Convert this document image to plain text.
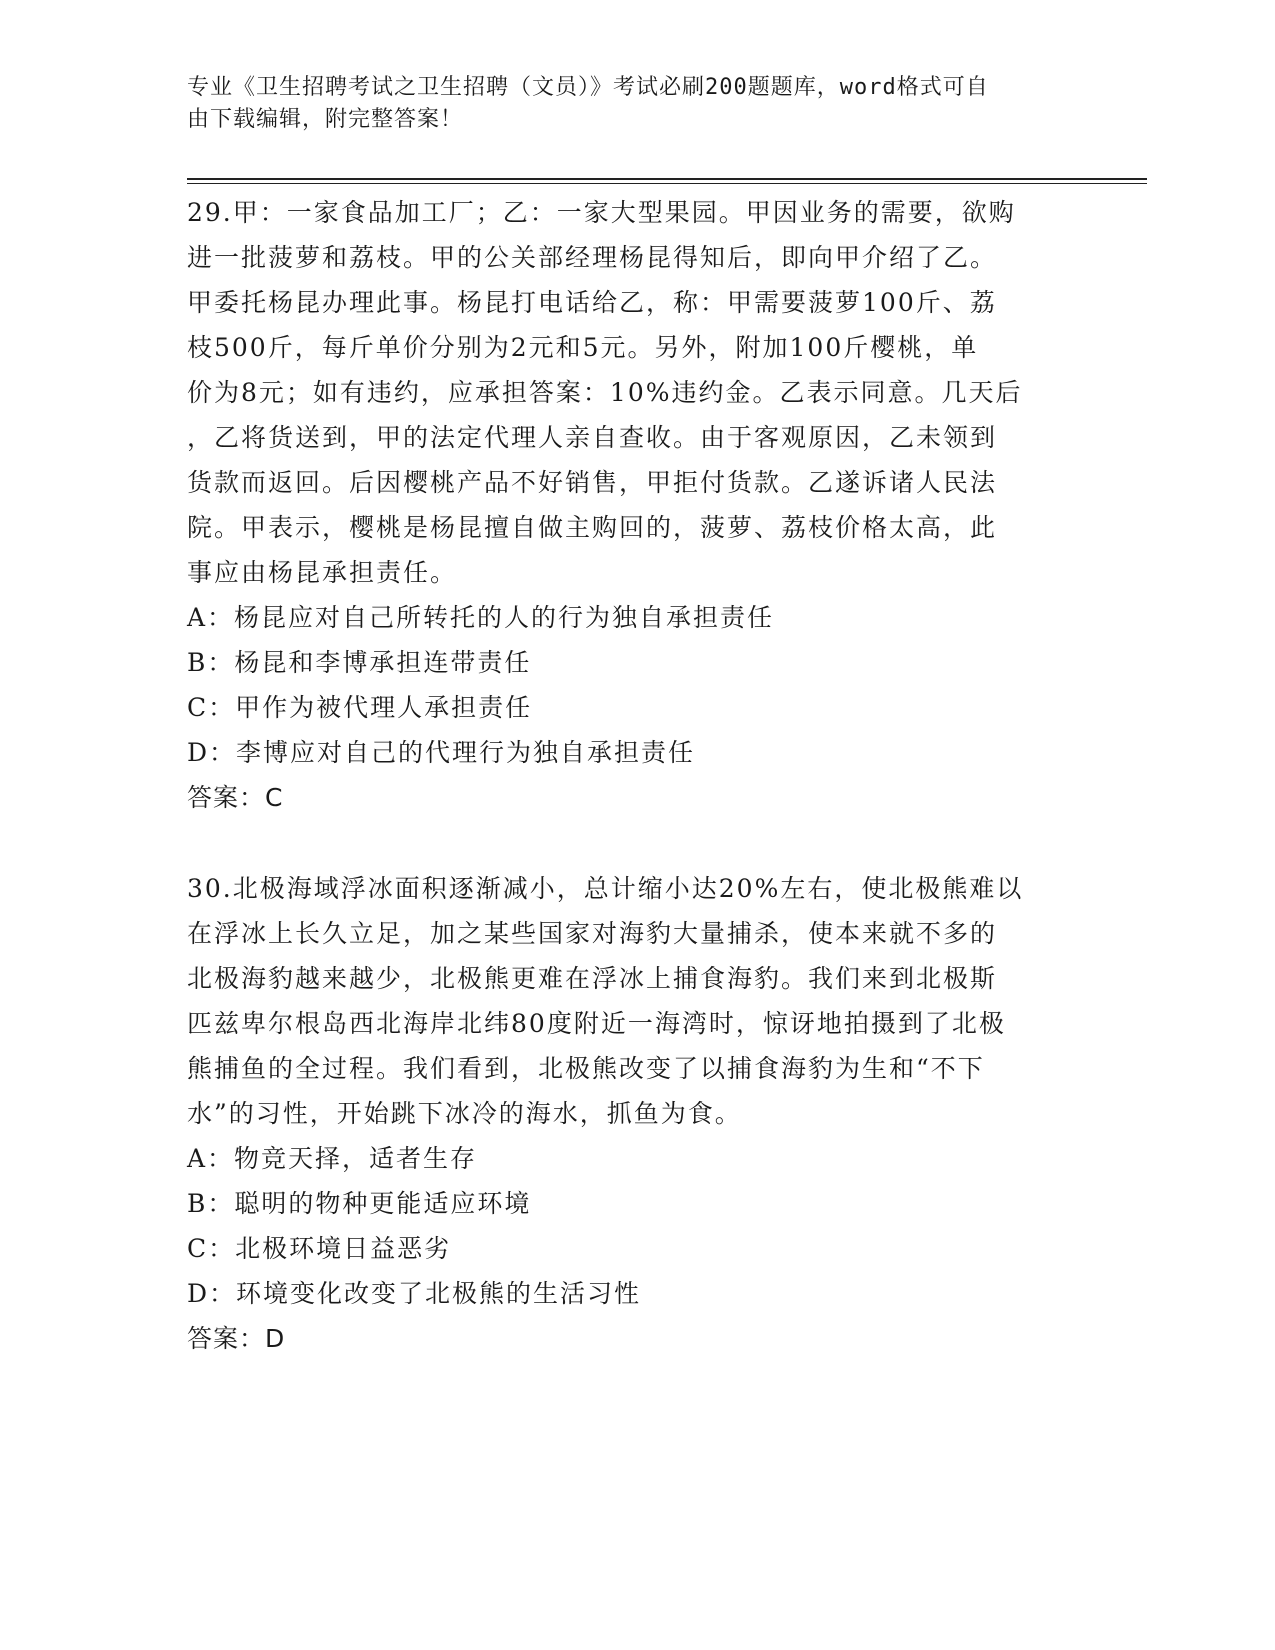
专业《卫生招聘考试之卫生招聘（文员）》考试必刷200题题库，word格式可自
由下载编辑，附完整答案！
29.甲：一家食品加工厂；乙：一家大型果园。甲因业务的需要，欲购
进一批菠萝和荔枝。甲的公关部经理杨昆得知后，即向甲介绍了乙。
甲委托杨昆办理此事。杨昆打电话给乙，称：甲需要菠萝100斤、荔
枝500斤，每斤单价分别为2元和5元。另外，附加100斤樱桃，单
价为8元；如有违约，应承担答案：10%违约金。乙表示同意。几天后
，乙将货送到，甲的法定代理人亲自查收。由于客观原因，乙未领到
货款而返回。后因樱桃产品不好销售，甲拒付货款。乙遂诉诸人民法
院。甲表示，樱桃是杨昆擅自做主购回的，菠萝、荔枝价格太高，此
事应由杨昆承担责任。
A：杨昆应对自己所转托的人的行为独自承担责任
B：杨昆和李博承担连带责任
C：甲作为被代理人承担责任
D：李博应对自己的代理行为独自承担责任
答案：C
30.北极海域浮冰面积逐渐减小，总计缩小达20%左右，使北极熊难以
在浮冰上长久立足，加之某些国家对海豹大量捕杀，使本来就不多的
北极海豹越来越少，北极熊更难在浮冰上捕食海豹。我们来到北极斯
匹兹卑尔根岛西北海岸北纬80度附近一海湾时，惊讶地拍摄到了北极
熊捕鱼的全过程。我们看到，北极熊改变了以捕食海豹为生和“不下
水”的习性，开始跳下冰冷的海水，抓鱼为食。
A：物竞天择，适者生存
B：聪明的物种更能适应环境
C：北极环境日益恶劣
D：环境变化改变了北极熊的生活习性
答案：D
